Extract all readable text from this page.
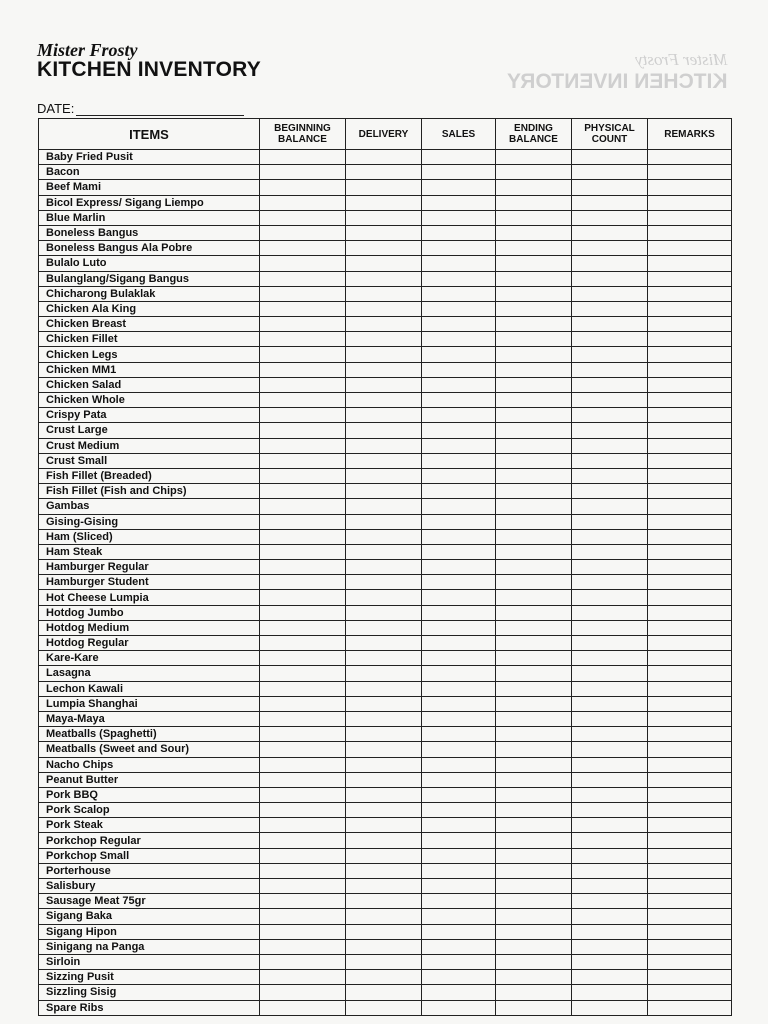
Mister Frosty
KITCHEN INVENTORY
Mister Frosty
KITCHEN INVENTORY
DATE:
ITEMS	BEGINNING BALANCE	DELIVERY	SALES	ENDING BALANCE	PHYSICAL COUNT	REMARKS
Baby Fried Pusit						
Bacon						
Beef Mami						
Bicol Express/ Sigang Liempo						
Blue Marlin						
Boneless Bangus						
Boneless Bangus Ala Pobre						
Bulalo Luto						
Bulanglang/Sigang Bangus						
Chicharong Bulaklak						
Chicken Ala King						
Chicken Breast						
Chicken Fillet						
Chicken Legs						
Chicken MM1						
Chicken Salad						
Chicken Whole						
Crispy Pata						
Crust Large						
Crust Medium						
Crust Small						
Fish Fillet (Breaded)						
Fish Fillet (Fish and Chips)						
Gambas						
Gising-Gising						
Ham (Sliced)						
Ham Steak						
Hamburger Regular						
Hamburger Student						
Hot Cheese Lumpia						
Hotdog Jumbo						
Hotdog Medium						
Hotdog Regular						
Kare-Kare						
Lasagna						
Lechon Kawali						
Lumpia Shanghai						
Maya-Maya						
Meatballs (Spaghetti)						
Meatballs (Sweet and Sour)						
Nacho Chips						
Peanut Butter						
Pork BBQ						
Pork Scalop						
Pork Steak						
Porkchop Regular						
Porkchop Small						
Porterhouse						
Salisbury						
Sausage Meat 75gr						
Sigang Baka						
Sigang Hipon						
Sinigang na Panga						
Sirloin						
Sizzing Pusit						
Sizzling Sisig						
Spare Ribs						
